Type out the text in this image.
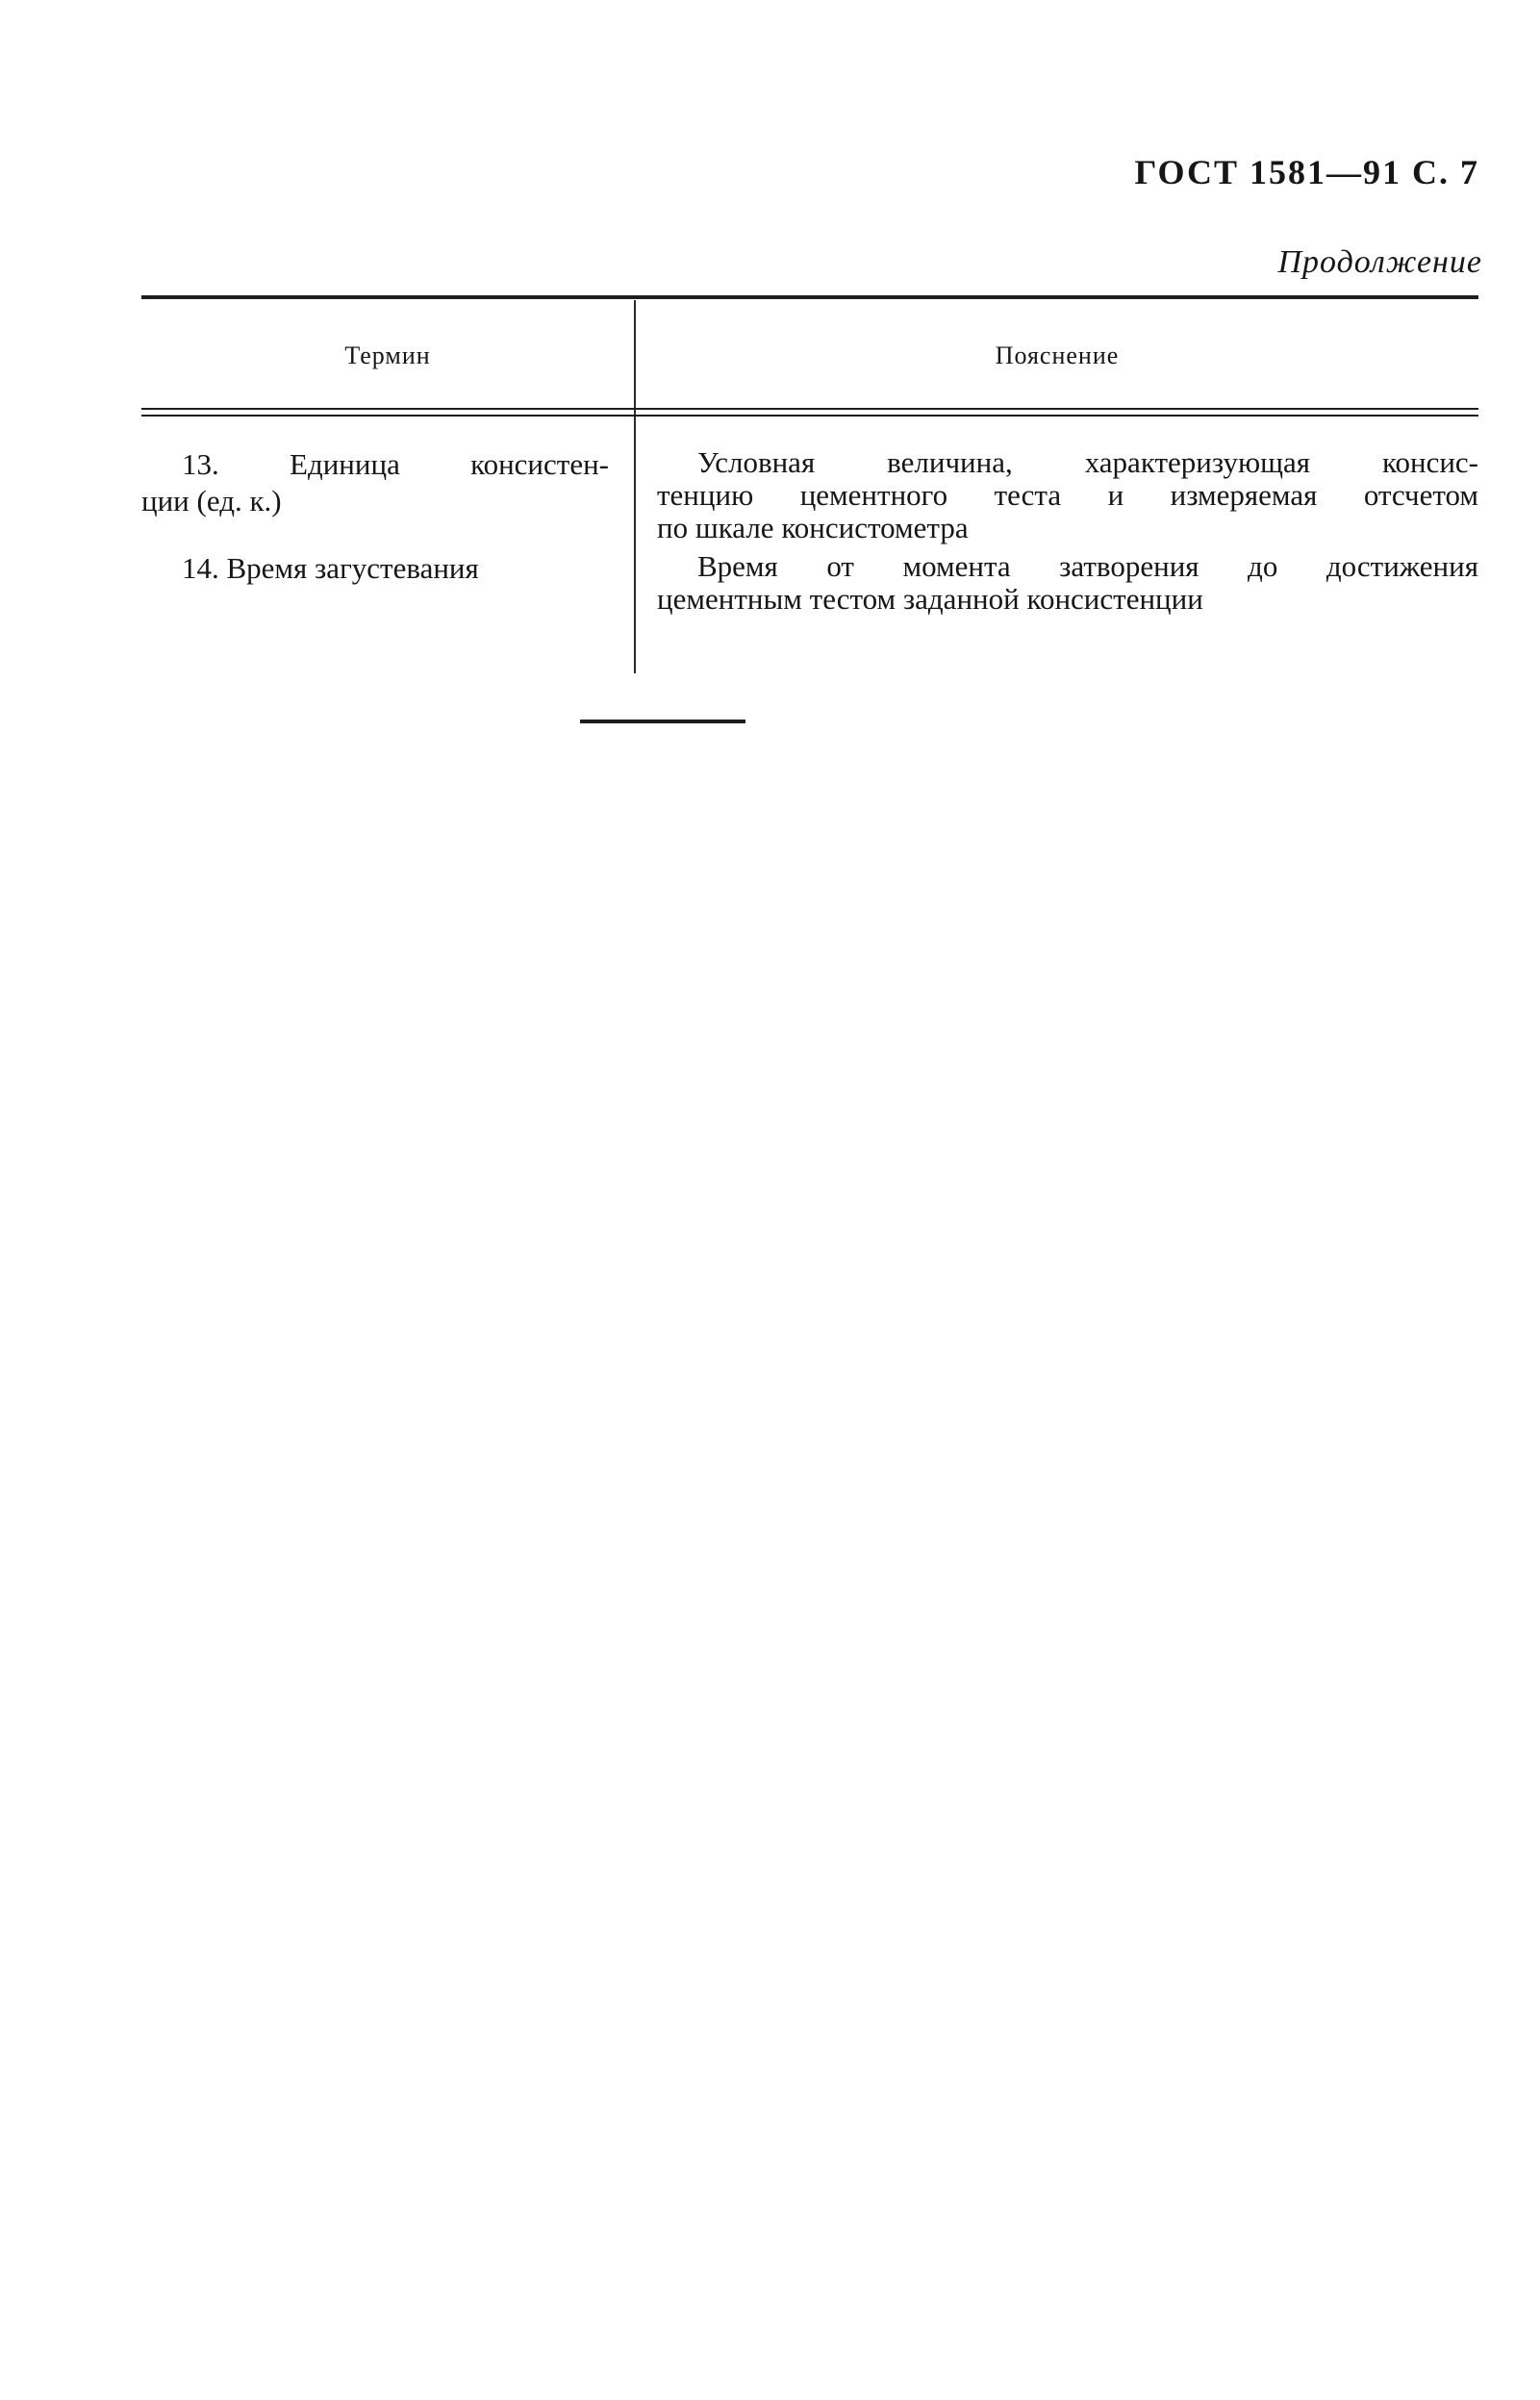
ГОСТ 1581—91 С. 7
Продолжение
Термин	Пояснение
13. Единица консистен-
ции (ед. к.)
Условная величина, характеризующая консис-
тенцию цементного теста и измеряемая отсчетом
по шкале консистометра
14. Время загустевания	Время от момента затворения до достижения
цементным тестом заданной консистенции
